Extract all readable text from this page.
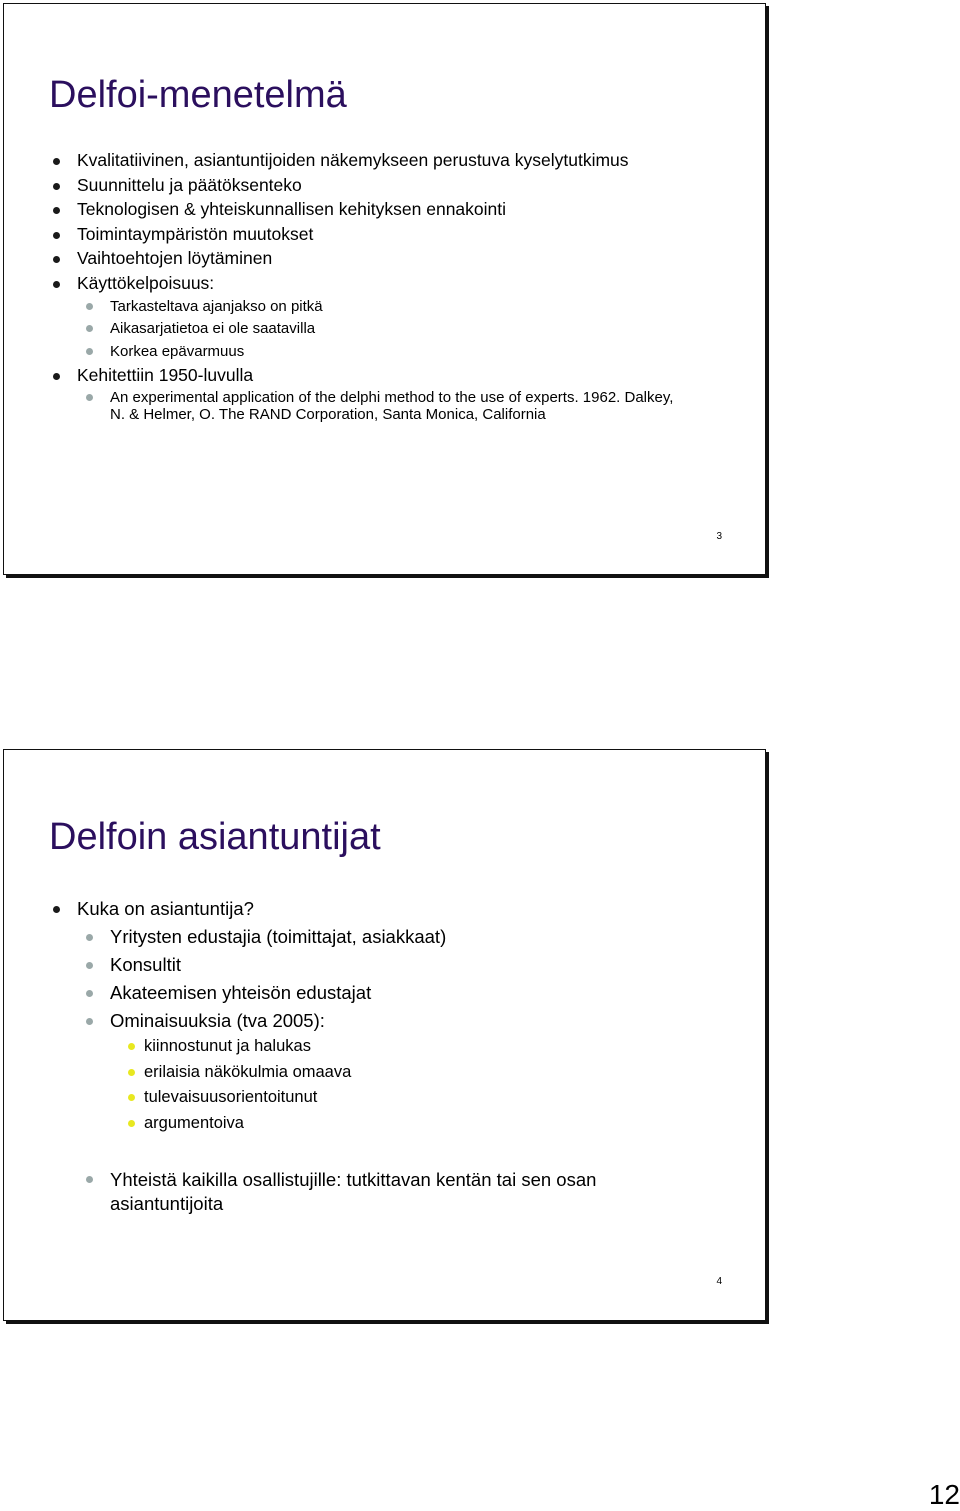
Delfoi-menetelmä
Kvalitatiivinen, asiantuntijoiden näkemykseen perustuva kyselytutkimus
Suunnittelu ja päätöksenteko
Teknologisen & yhteiskunnallisen kehityksen ennakointi
Toimintaympäristön muutokset
Vaihtoehtojen löytäminen
Käyttökelpoisuus:
Tarkasteltava ajanjakso on pitkä
Aikasarjatietoa ei ole saatavilla
Korkea epävarmuus
Kehitettiin 1950-luvulla
An experimental application of the delphi method to the use of experts. 1962. Dalkey, N. & Helmer, O. The RAND Corporation, Santa Monica, California
3
Delfoin asiantuntijat
Kuka on asiantuntija?
Yritysten edustajia (toimittajat, asiakkaat)
Konsultit
Akateemisen yhteisön edustajat
Ominaisuuksia (tva 2005):
kiinnostunut ja halukas
erilaisia näkökulmia omaava
tulevaisuusorientoitunut
argumentoiva
Yhteistä kaikilla osallistujille: tutkittavan kentän tai sen osan asiantuntijoita
4
12
